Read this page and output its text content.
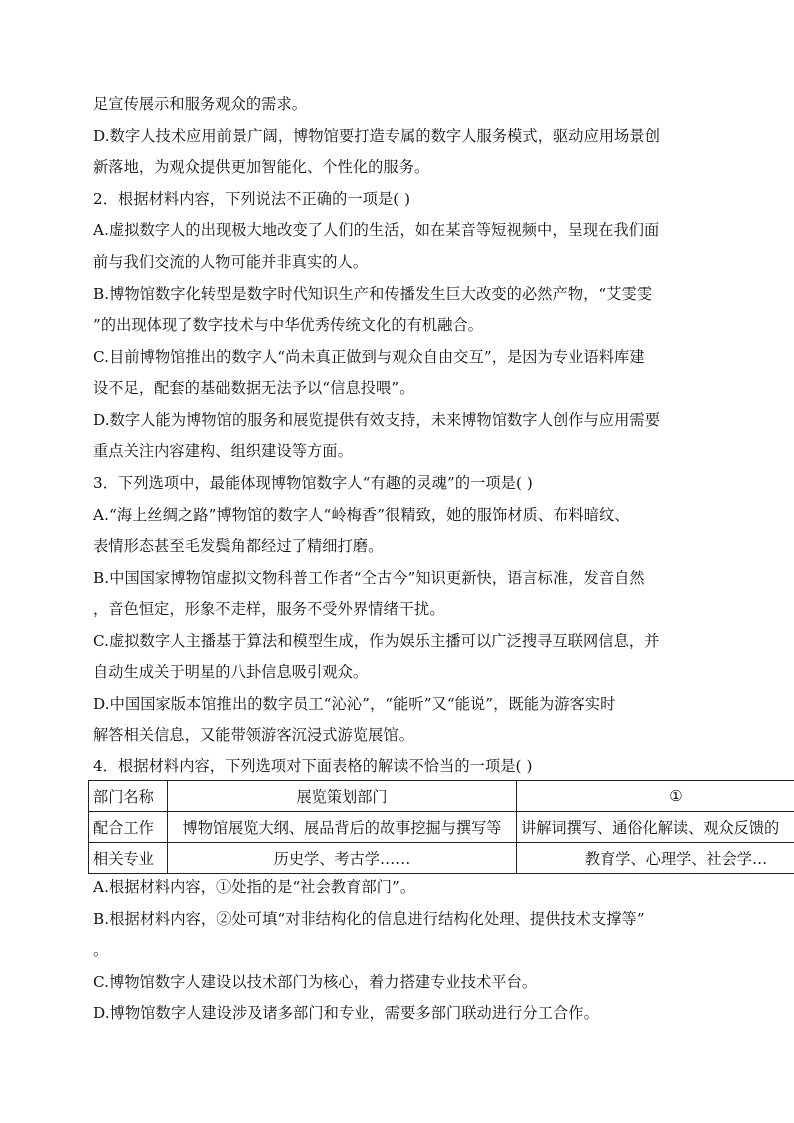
足宣传展示和服务观众的需求。
D.数字人技术应用前景广阔，博物馆要打造专属的数字人服务模式，驱动应用场景创
新落地，为观众提供更加智能化、个性化的服务。
2．根据材料内容，下列说法不正确的一项是( )
A.虚拟数字人的出现极大地改变了人们的生活，如在某音等短视频中，呈现在我们面
前与我们交流的人物可能并非真实的人。
B.博物馆数字化转型是数字时代知识生产和传播发生巨大改变的必然产物，“艾雯雯
”的出现体现了数字技术与中华优秀传统文化的有机融合。
C.目前博物馆推出的数字人“尚未真正做到与观众自由交互”，是因为专业语料库建
设不足，配套的基础数据无法予以“信息投喂”。
D.数字人能为博物馆的服务和展览提供有效支持，未来博物馆数字人创作与应用需要
重点关注内容建构、组织建设等方面。
3．下列选项中，最能体现博物馆数字人“有趣的灵魂”的一项是( )
A.“海上丝绸之路”博物馆的数字人“岭梅香”很精致，她的服饰材质、布料暗纹、
表情形态甚至毛发鬓角都经过了精细打磨。
B.中国国家博物馆虚拟文物科普工作者“仝古今”知识更新快，语言标准，发音自然
，音色恒定，形象不走样，服务不受外界情绪干扰。
C.虚拟数字人主播基于算法和模型生成，作为娱乐主播可以广泛搜寻互联网信息，并
自动生成关于明星的八卦信息吸引观众。
D.中国国家版本馆推出的数字员工“沁沁”，“能听”又“能说”，既能为游客实时
解答相关信息，又能带领游客沉浸式游览展馆。
4．根据材料内容，下列选项对下面表格的解读不恰当的一项是( )
部门名称	展览策划部门	①
配合工作	博物馆展览大纲、展品背后的故事挖掘与撰写等	讲解词撰写、通俗化解读、观众反馈的
相关专业	历史学、考古学……	教育学、心理学、社会学…
A.根据材料内容，①处指的是“社会教育部门”。
B.根据材料内容，②处可填“对非结构化的信息进行结构化处理、提供技术支撑等”
。
C.博物馆数字人建设以技术部门为核心，着力搭建专业技术平台。
D.博物馆数字人建设涉及诸多部门和专业，需要多部门联动进行分工合作。
